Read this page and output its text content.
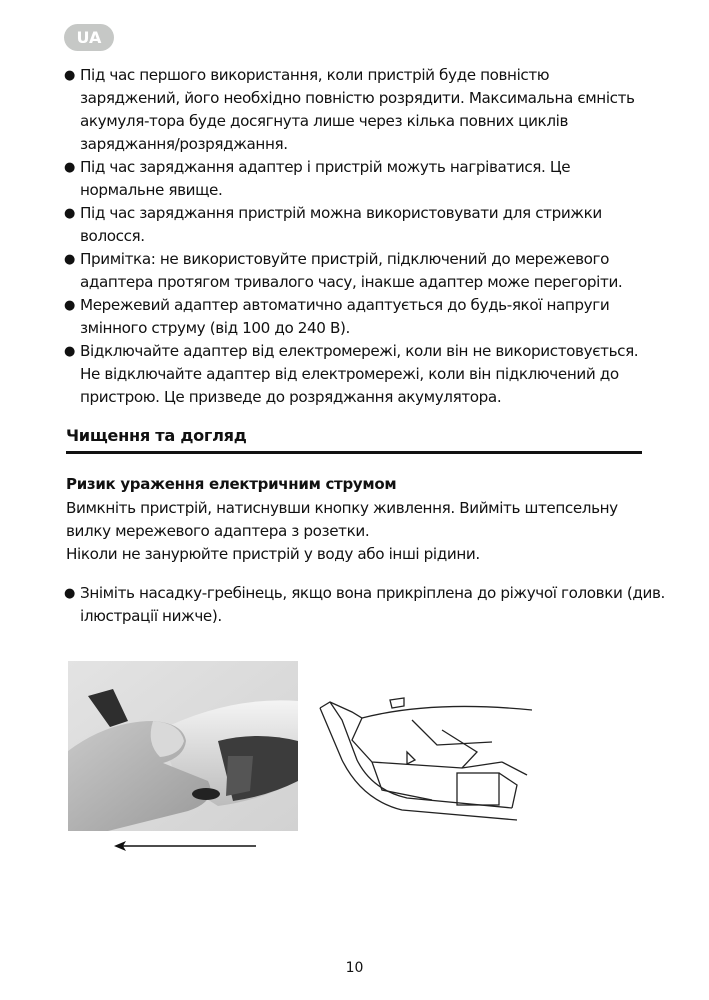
UA
● Під час першого використання, коли пристрій буде повністю заряджений, його необхідно повністю розрядити. Максимальна ємність акумуля-тора буде досягнута лише через кілька повних циклів заряджання/розряджання.
● Під час заряджання адаптер і пристрій можуть нагріватися. Це нормальне явище.
● Під час заряджання пристрій можна використовувати для стрижки волосся.
● Примітка: не використовуйте пристрій, підключений до мережевого адаптера протягом тривалого часу, інакше адаптер може перегоріти.
● Мережевий адаптер автоматично адаптується до будь-якої напруги змінного струму (від 100 до 240 В).
● Відключайте адаптер від електромережі, коли він не використовується. Не відключайте адаптер від електромережі, коли він підключений до пристрою. Це призведе до розряджання акумулятора.
Чищення та догляд
Ризик ураження електричним струмом
Вимкніть пристрій, натиснувши кнопку живлення. Вийміть штепсельну вилку мережевого адаптера з розетки.
Ніколи не занурюйте пристрій у воду або інші рідини.
● Зніміть насадку-гребінець, якщо вона прикріплена до ріжучої головки (див. ілюстрації нижче).
10
